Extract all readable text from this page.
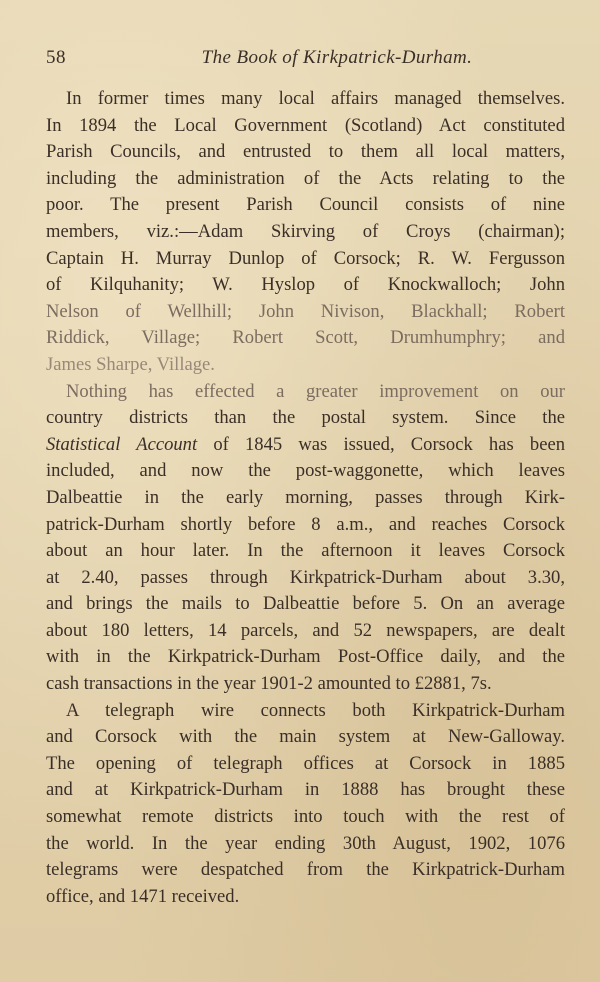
58	The Book of Kirkpatrick-Durham.
In former times many local affairs managed themselves.
In 1894 the Local Government (Scotland) Act constituted
Parish Councils, and entrusted to them all local matters,
including the administration of the Acts relating to the
poor. The present Parish Council consists of nine
members, viz.:—Adam Skirving of Croys (chairman);
Captain H. Murray Dunlop of Corsock; R. W. Fergusson
of Kilquhanity; W. Hyslop of Knockwalloch; John
Nelson of Wellhill; John Nivison, Blackhall; Robert
Riddick, Village; Robert Scott, Drumhumphry; and
James Sharpe, Village.
Nothing has effected a greater improvement on our
country districts than the postal system. Since the
Statistical Account of 1845 was issued, Corsock has been
included, and now the post-waggonette, which leaves
Dalbeattie in the early morning, passes through Kirk-
patrick-Durham shortly before 8 a.m., and reaches Corsock
about an hour later. In the afternoon it leaves Corsock
at 2.40, passes through Kirkpatrick-Durham about 3.30,
and brings the mails to Dalbeattie before 5. On an average
about 180 letters, 14 parcels, and 52 newspapers, are dealt
with in the Kirkpatrick-Durham Post-Office daily, and the
cash transactions in the year 1901-2 amounted to £2881, 7s.
A telegraph wire connects both Kirkpatrick-Durham
and Corsock with the main system at New-Galloway.
The opening of telegraph offices at Corsock in 1885
and at Kirkpatrick-Durham in 1888 has brought these
somewhat remote districts into touch with the rest of
the world. In the year ending 30th August, 1902, 1076
telegrams were despatched from the Kirkpatrick-Durham
office, and 1471 received.
